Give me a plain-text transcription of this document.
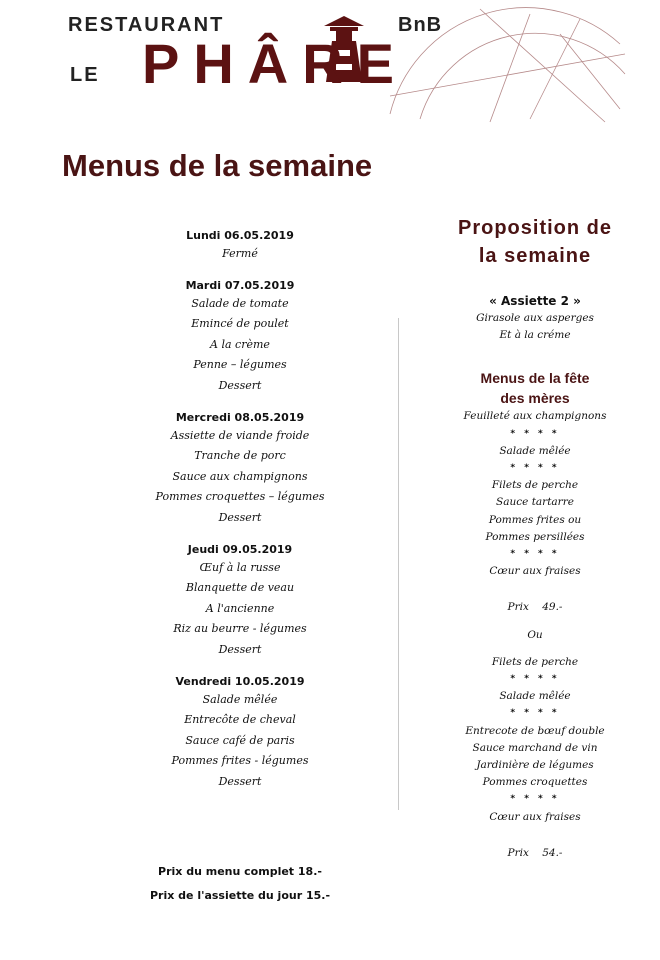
RESTAURANT	BnB
LE PHÂRE
Menus de la semaine
Lundi 06.05.2019
Fermé
Mardi 07.05.2019
Salade de tomate
Emincé de poulet
A la crème
Penne – légumes
Dessert
Mercredi 08.05.2019
Assiette de viande froide
Tranche de porc
Sauce aux champignons
Pommes croquettes – légumes
Dessert
Jeudi 09.05.2019
Œuf à la russe
Blanquette de veau
A l'ancienne
Riz au beurre - légumes
Dessert
Vendredi 10.05.2019
Salade mêlée
Entrecôte de cheval
Sauce café de paris
Pommes frites - légumes
Dessert
Prix du menu complet 18.-
Prix de l'assiette du jour 15.-
Proposition de
la semaine
« Assiette 2 »
Girasole aux asperges
Et à la créme
Menus de la fête
des mères
Feuilleté aux champignons
* * * *
Salade mêlée
* * * *
Filets de perche
Sauce tartarre
Pommes frites ou
Pommes persillées
* * * *
Cœur aux fraises
Prix    49.-
Ou
Filets de perche
* * * *
Salade mêlée
* * * *
Entrecote de bœuf double
Sauce marchand de vin
Jardinière de légumes
Pommes croquettes
* * * *
Cœur aux fraises
Prix    54.-
